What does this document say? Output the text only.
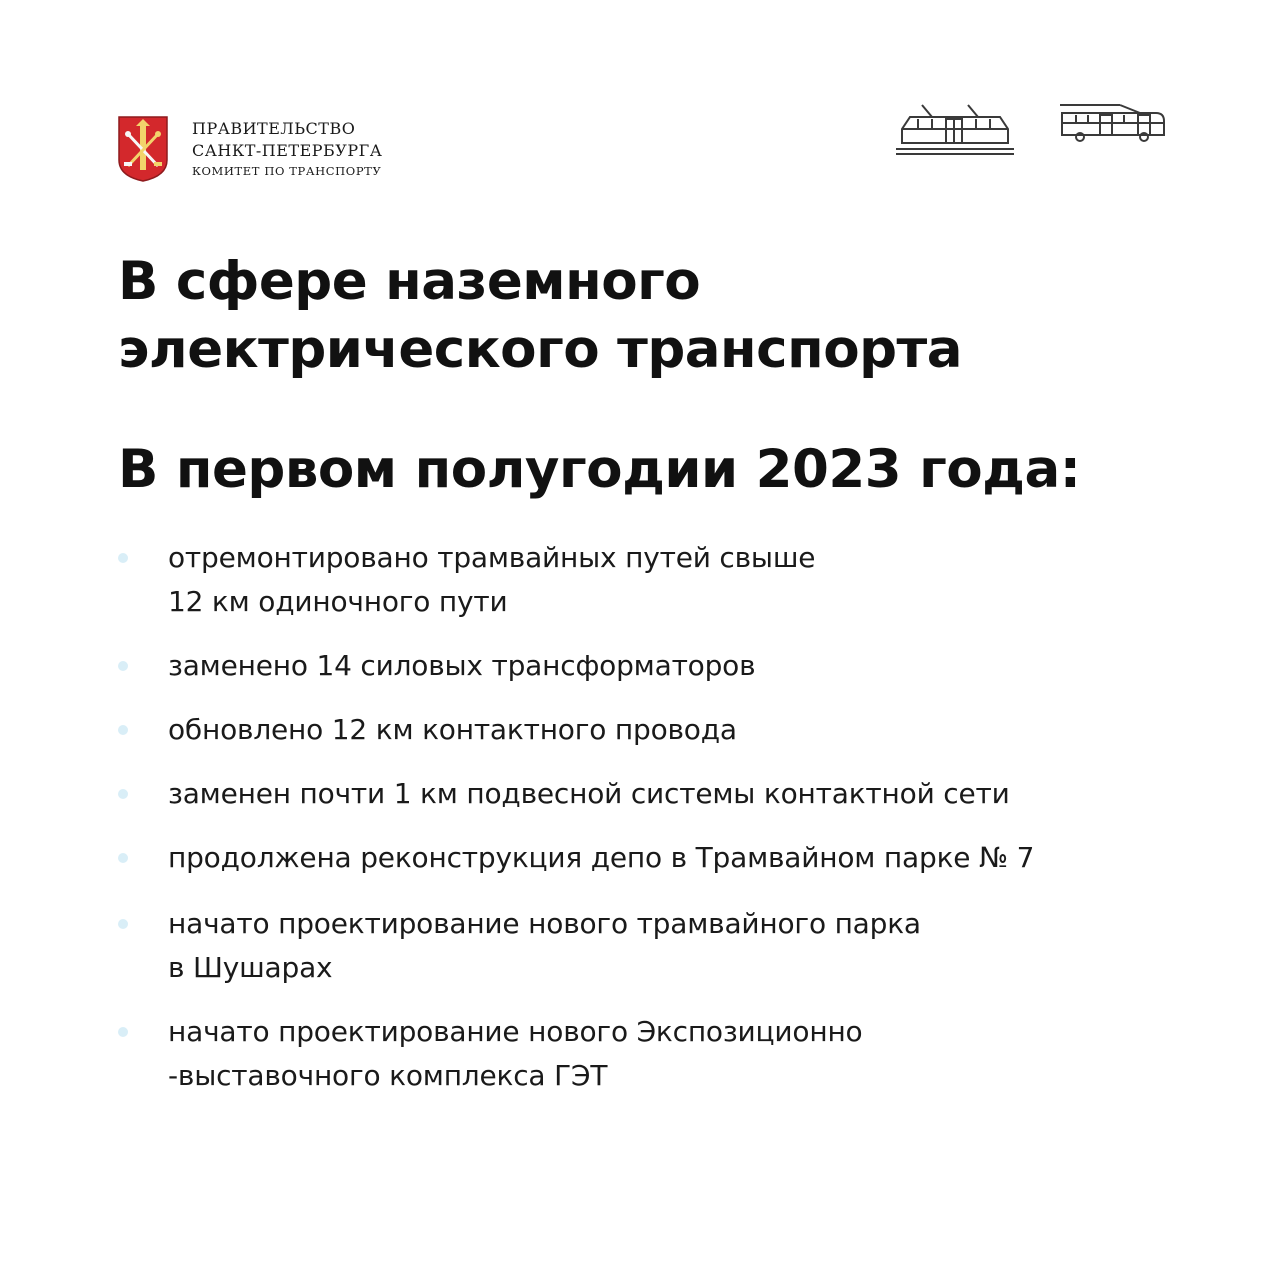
ПРАВИТЕЛЬСТВО
САНКТ-ПЕТЕРБУРГА
КОМИТЕТ ПО ТРАНСПОРТУ
В сфере наземного
электрического транспорта
В первом полугодии 2023 года:
отремонтировано трамвайных путей свыше
12 км одиночного пути
заменено 14 силовых трансформаторов
обновлено 12 км контактного провода
заменен почти 1 км подвесной системы контактной сети
продолжена реконструкция депо в Трамвайном парке № 7
начато проектирование нового трамвайного парка
в Шушарах
начато проектирование нового Экспозиционно
-выставочного комплекса ГЭТ
